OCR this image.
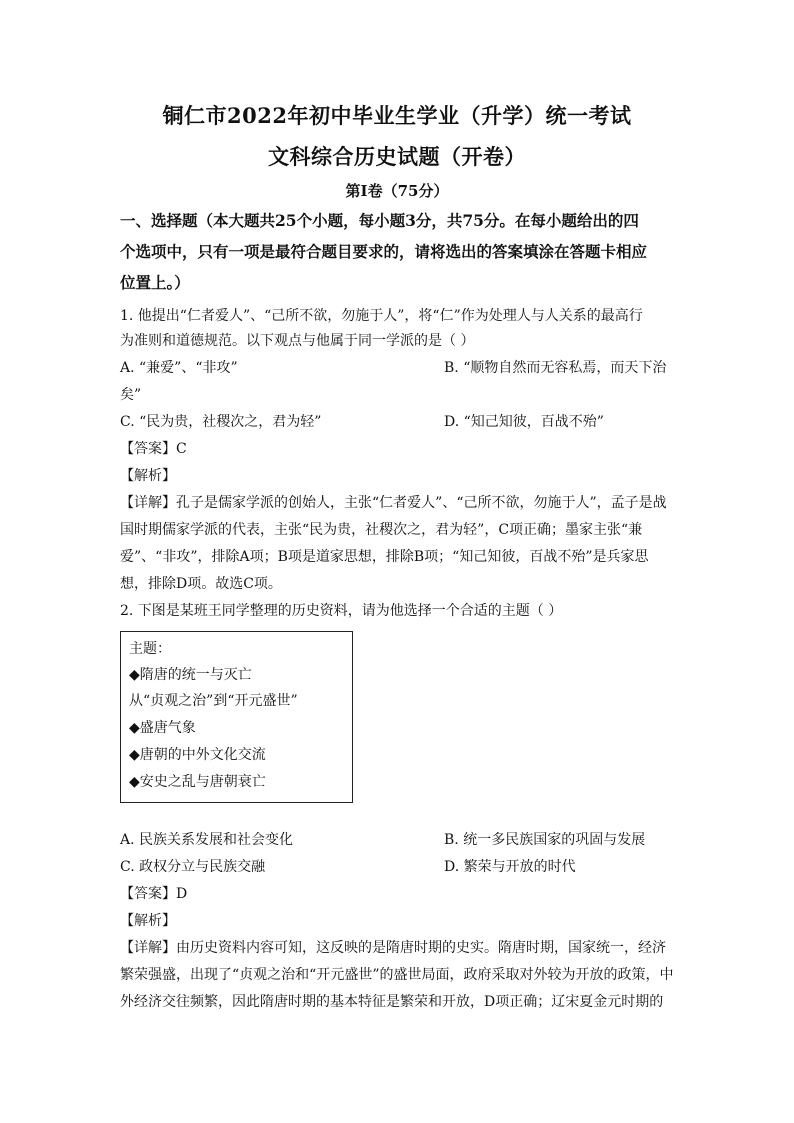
铜仁市2022年初中毕业生学业（升学）统一考试
文科综合历史试题（开卷）
第I卷（75分）
一、选择题（本大题共25个小题，每小题3分，共75分。在每小题给出的四
个选项中，只有一项是最符合题目要求的，请将选出的答案填涂在答题卡相应
位置上。）
1. 他提出“仁者爱人”、“己所不欲，勿施于人”，将“仁”作为处理人与人关系的最高行
为准则和道德规范。以下观点与他属于同一学派的是（ ）
A. “兼爱”、“非攻”	B. “顺物自然而无容私焉，而天下治
矣”
C. “民为贵，社稷次之，君为轻”	D. “知己知彼，百战不殆”
【答案】C
【解析】
【详解】孔子是儒家学派的创始人，主张“仁者爱人”、“己所不欲，勿施于人”，孟子是战
国时期儒家学派的代表，主张“民为贵，社稷次之，君为轻”，C项正确；墨家主张“兼
爱”、“非攻”，排除A项；B项是道家思想，排除B项；“知己知彼，百战不殆”是兵家思
想，排除D项。故选C项。
2. 下图是某班王同学整理的历史资料，请为他选择一个合适的主题（ ）
主题：
◆隋唐的统一与灭亡
从“贞观之治”到“开元盛世”
◆盛唐气象
◆唐朝的中外文化交流
◆安史之乱与唐朝衰亡
A. 民族关系发展和社会变化	B. 统一多民族国家的巩固与发展
C. 政权分立与民族交融	D. 繁荣与开放的时代
【答案】D
【解析】
【详解】由历史资料内容可知，这反映的是隋唐时期的史实。隋唐时期，国家统一，经济
繁荣强盛，出现了“贞观之治和“开元盛世”的盛世局面，政府采取对外较为开放的政策，中
外经济交往频繁，因此隋唐时期的基本特征是繁荣和开放，D项正确；辽宋夏金元时期的
